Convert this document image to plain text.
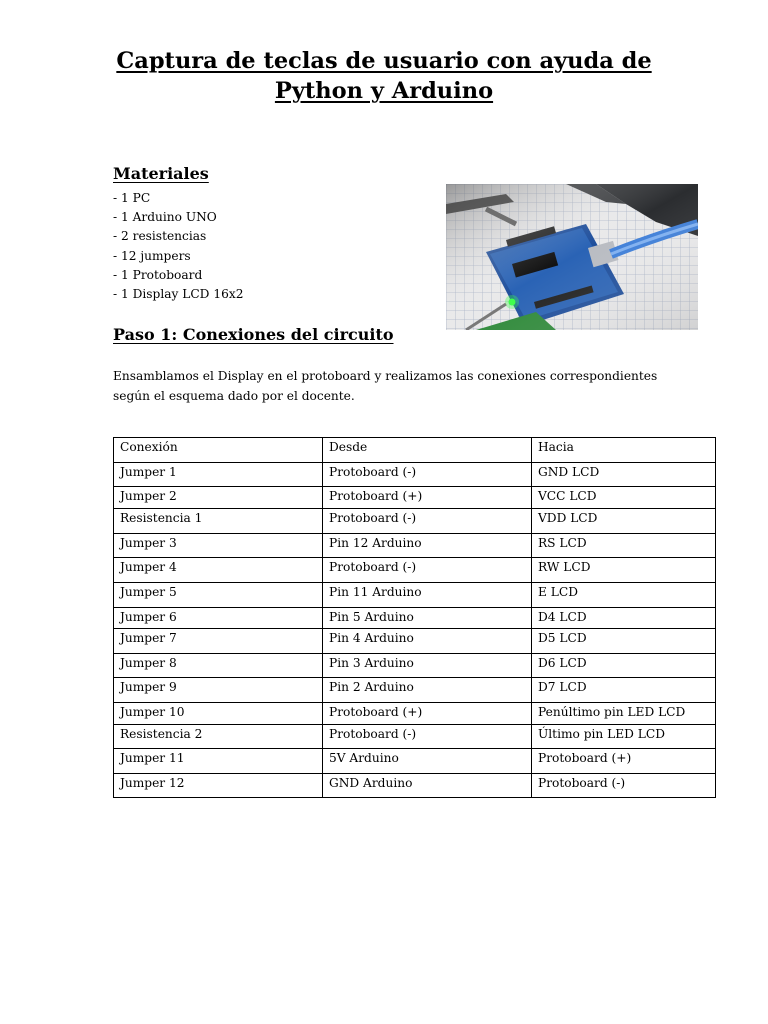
Captura de teclas de usuario con ayuda de
Python y Arduino
Materiales
- 1 PC
- 1 Arduino UNO
- 2 resistencias
- 12 jumpers
- 1 Protoboard
- 1 Display LCD 16x2
Paso 1: Conexiones del circuito
Ensamblamos el Display en el protoboard y realizamos las conexiones correspondientes
según el esquema dado por el docente.
Conexión	Desde	Hacia
Jumper 1	Protoboard (-)	GND LCD
Jumper 2	Protoboard (+)	VCC LCD
Resistencia 1	Protoboard (-)	VDD LCD
Jumper 3	Pin 12 Arduino	RS LCD
Jumper 4	Protoboard (-)	RW LCD
Jumper 5	Pin 11 Arduino	E LCD
Jumper 6	Pin 5 Arduino	D4 LCD
Jumper 7	Pin 4 Arduino	D5 LCD
Jumper 8	Pin 3 Arduino	D6 LCD
Jumper 9	Pin 2 Arduino	D7 LCD
Jumper 10	Protoboard (+)	Penúltimo pin LED LCD
Resistencia 2	Protoboard (-)	Último pin LED LCD
Jumper 11	5V Arduino	Protoboard (+)
Jumper 12	GND Arduino	Protoboard (-)
